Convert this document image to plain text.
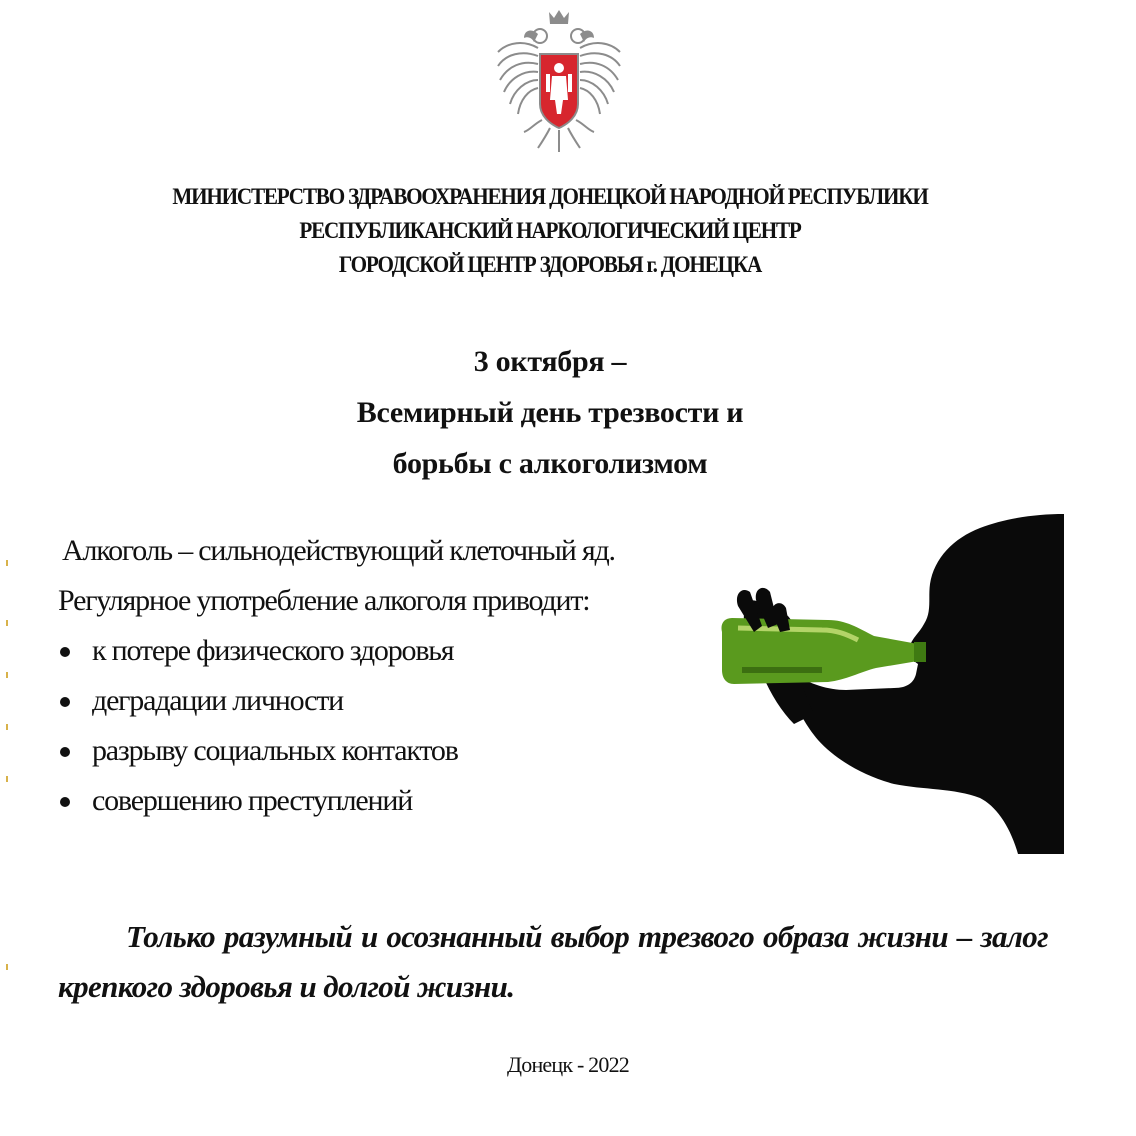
МИНИСТЕРСТВО ЗДРАВООХРАНЕНИЯ ДОНЕЦКОЙ НАРОДНОЙ РЕСПУБЛИКИ
РЕСПУБЛИКАНСКИЙ НАРКОЛОГИЧЕСКИЙ ЦЕНТР
ГОРОДСКОЙ ЦЕНТР ЗДОРОВЬЯ г. ДОНЕЦКА
3 октября –
Всемирный день трезвости и
борьбы с алкоголизмом
Алкоголь – сильнодействующий клеточный яд.
Регулярное употребление алкоголя приводит:
к потере физического здоровья
деградации личности
разрыву социальных контактов
совершению преступлений
Только разумный и осознанный выбор трезвого образа жизни – залог крепкого здоровья и долгой жизни.
Донецк - 2022
